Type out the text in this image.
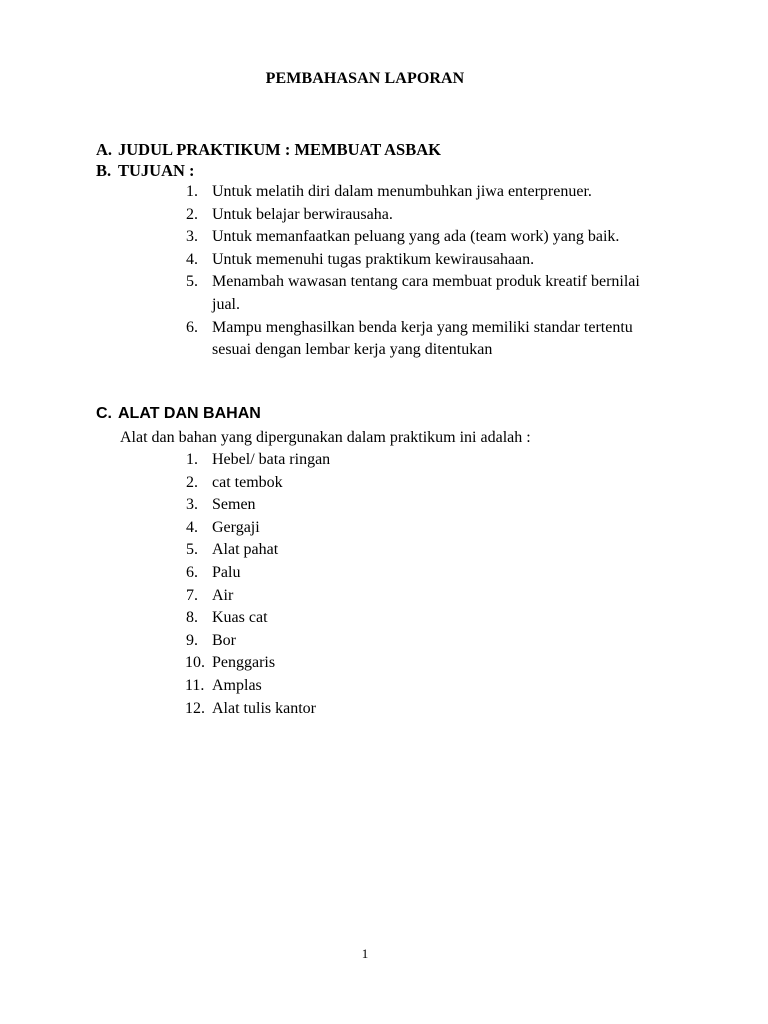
PEMBAHASAN LAPORAN
A. JUDUL PRAKTIKUM : MEMBUAT ASBAK
B. TUJUAN :
1. Untuk melatih diri dalam menumbuhkan jiwa enterprenuer.
2. Untuk belajar berwirausaha.
3. Untuk memanfaatkan peluang yang ada (team work) yang baik.
4. Untuk memenuhi tugas praktikum kewirausahaan.
5. Menambah wawasan tentang cara membuat produk kreatif bernilai jual.
6. Mampu menghasilkan benda kerja yang memiliki standar tertentu sesuai dengan lembar kerja yang ditentukan
C. ALAT DAN BAHAN
Alat dan bahan yang dipergunakan dalam praktikum ini adalah :
1. Hebel/ bata ringan
2. cat tembok
3. Semen
4. Gergaji
5. Alat pahat
6. Palu
7. Air
8. Kuas cat
9. Bor
10. Penggaris
11. Amplas
12. Alat tulis kantor
1
